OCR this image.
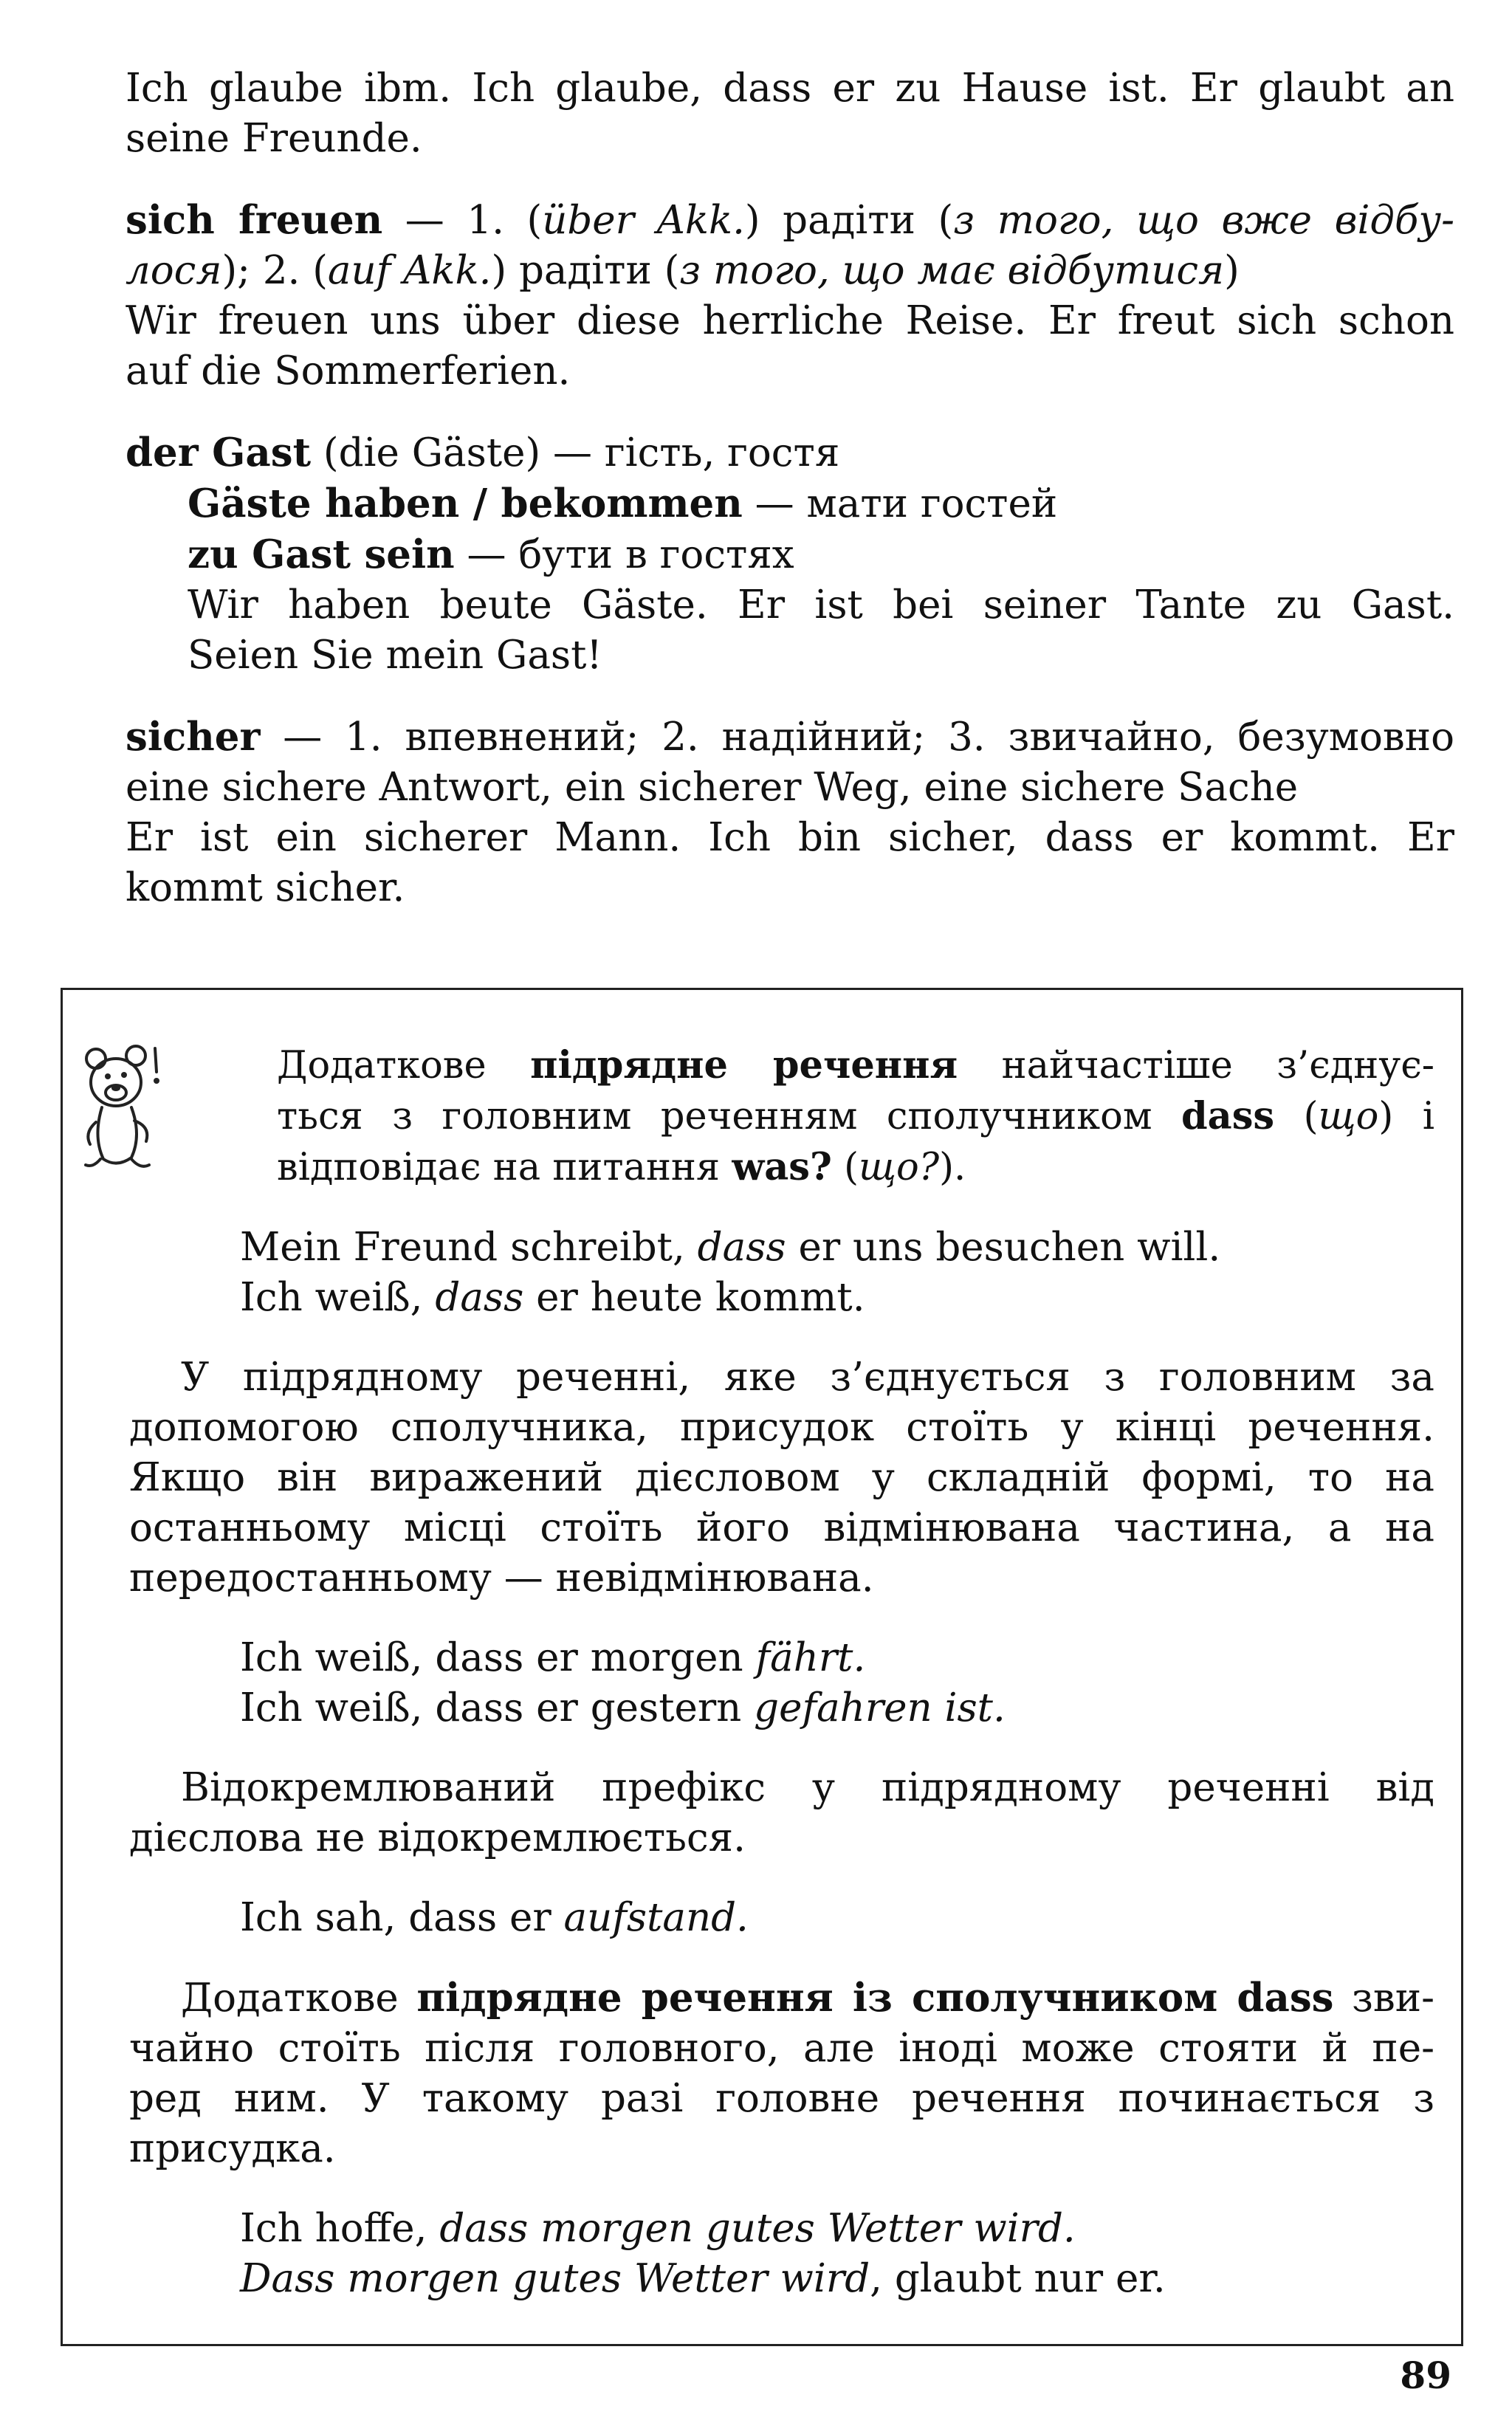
Ich glaube ibm. Ich glaube, dass er zu Hause ist. Er glaubt an
seine Freunde.
sich freuen — 1. (über Akk.) радіти (з того, що вже відбу-
лося); 2. (auf Akk.) радіти (з того, що має відбутися)
Wir freuen uns über diese herrliche Reise. Er freut sich schon
auf die Sommerferien.
der Gast (die Gäste) — гість, гостя
Gäste haben / bekommen — мати гостей
zu Gast sein — бути в гостях
Wir haben beute Gäste. Er ist bei seiner Tante zu Gast.
Seien Sie mein Gast!
sicher — 1. впевнений; 2. надійний; 3. звичайно, безумовно
eine sichere Antwort, ein sicherer Weg, eine sichere Sache
Er ist ein sicherer Mann. Ich bin sicher, dass er kommt. Er
kommt sicher.
Додаткове підрядне речення найчастіше з’єднує-
ться з головним реченням сполучником dass (що) і
відповідає на питання was? (що?).
Mein Freund schreibt, dass er uns besuchen will.
Ich weiß, dass er heute kommt.
У підрядному реченні, яке з’єднується з головним за
допомогою сполучника, присудок стоїть у кінці речення.
Якщо він виражений дієсловом у складній формі, то на
останньому місці стоїть його відмінювана частина, а на
передостанньому — невідмінювана.
Ich weiß, dass er morgen fährt.
Ich weiß, dass er gestern gefahren ist.
Відокремлюваний префікс у підрядному реченні від
дієслова не відокремлюється.
Ich sah, dass er aufstand.
Додаткове підрядне речення із сполучником dass зви-
чайно стоїть після головного, але іноді може стояти й пе-
ред ним. У такому разі головне речення починається з
присудка.
Ich hoffe, dass morgen gutes Wetter wird.
Dass morgen gutes Wetter wird, glaubt nur er.
89
